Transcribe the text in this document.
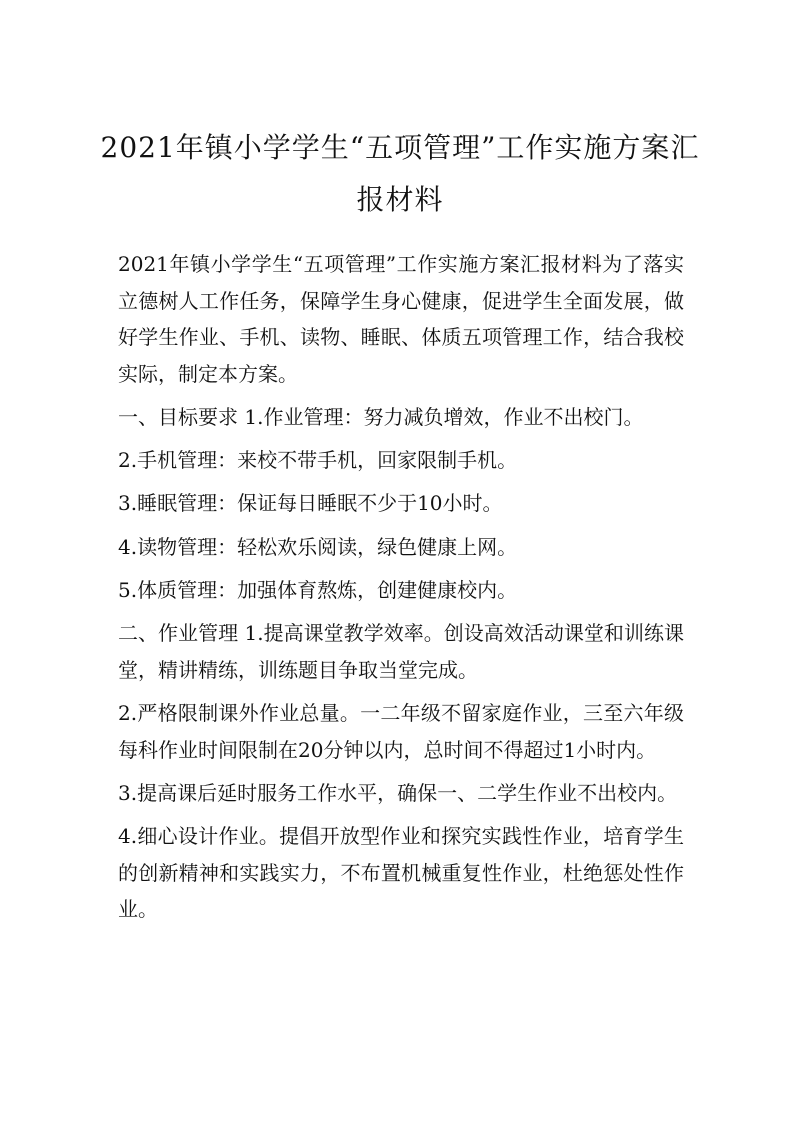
2021年镇小学学生“五项管理”工作实施方案汇报材料

2021年镇小学学生“五项管理”工作实施方案汇报材料为了落实立德树人工作任务，保障学生身心健康，促进学生全面发展，做好学生作业、手机、读物、睡眠、体质五项管理工作，结合我校实际，制定本方案。

一、目标要求 1.作业管理：努力减负增效，作业不出校门。

2.手机管理：来校不带手机，回家限制手机。

3.睡眠管理：保证每日睡眠不少于10小时。

4.读物管理：轻松欢乐阅读，绿色健康上网。

5.体质管理：加强体育熬炼，创建健康校内。

二、作业管理 1.提高课堂教学效率。创设高效活动课堂和训练课堂，精讲精练，训练题目争取当堂完成。

2.严格限制课外作业总量。一二年级不留家庭作业，三至六年级每科作业时间限制在20分钟以内，总时间不得超过1小时内。

3.提高课后延时服务工作水平，确保一、二学生作业不出校内。

4.细心设计作业。提倡开放型作业和探究实践性作业，培育学生的创新精神和实践实力，不布置机械重复性作业，杜绝惩处性作业。
